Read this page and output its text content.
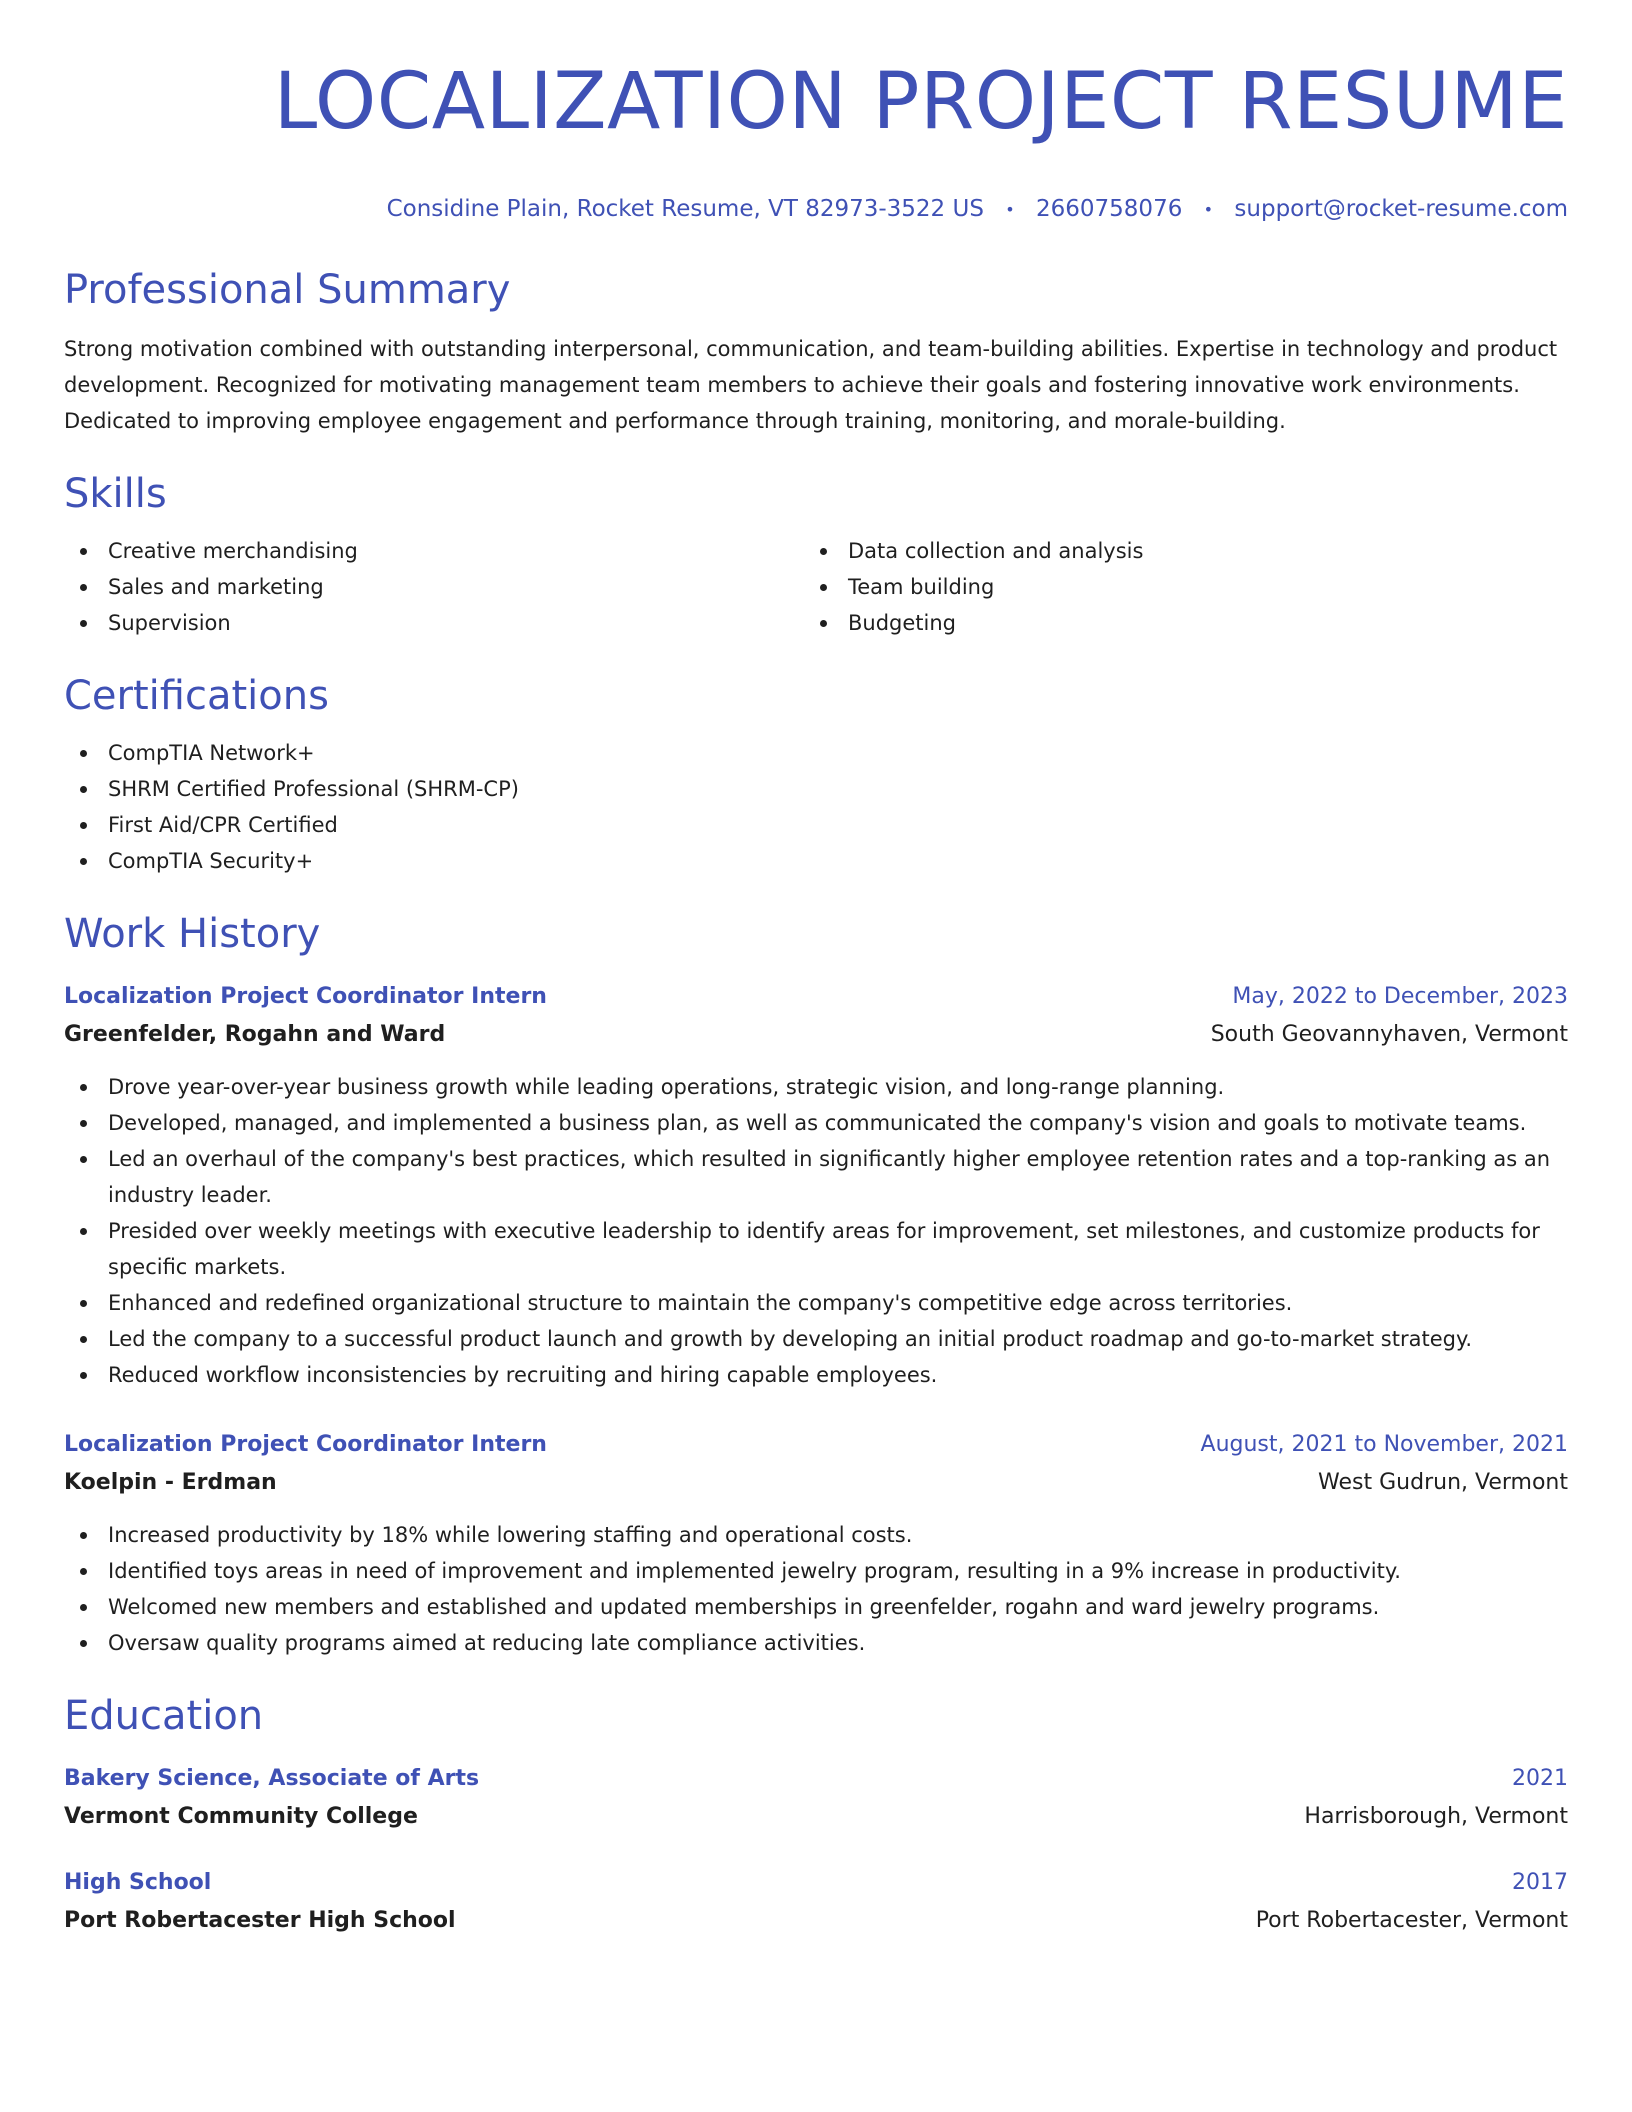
LOCALIZATION PROJECT RESUME
Considine Plain, Rocket Resume, VT 82973-3522 US • 2660758076 • support@rocket-resume.com
Professional Summary
Strong motivation combined with outstanding interpersonal, communication, and team-building abilities. Expertise in technology and product development. Recognized for motivating management team members to achieve their goals and fostering innovative work environments. Dedicated to improving employee engagement and performance through training, monitoring, and morale-building.
Skills
Creative merchandising
Sales and marketing
Supervision
Data collection and analysis
Team building
Budgeting
Certifications
CompTIA Network+
SHRM Certified Professional (SHRM-CP)
First Aid/CPR Certified
CompTIA Security+
Work History
Localization Project Coordinator Intern	May, 2022 to December, 2023
Greenfelder, Rogahn and Ward	South Geovannyhaven, Vermont
Drove year-over-year business growth while leading operations, strategic vision, and long-range planning.
Developed, managed, and implemented a business plan, as well as communicated the company's vision and goals to motivate teams.
Led an overhaul of the company's best practices, which resulted in significantly higher employee retention rates and a top-ranking as an industry leader.
Presided over weekly meetings with executive leadership to identify areas for improvement, set milestones, and customize products for specific markets.
Enhanced and redefined organizational structure to maintain the company's competitive edge across territories.
Led the company to a successful product launch and growth by developing an initial product roadmap and go-to-market strategy.
Reduced workflow inconsistencies by recruiting and hiring capable employees.
Localization Project Coordinator Intern	August, 2021 to November, 2021
Koelpin - Erdman	West Gudrun, Vermont
Increased productivity by 18% while lowering staffing and operational costs.
Identified toys areas in need of improvement and implemented jewelry program, resulting in a 9% increase in productivity.
Welcomed new members and established and updated memberships in greenfelder, rogahn and ward jewelry programs.
Oversaw quality programs aimed at reducing late compliance activities.
Education
Bakery Science, Associate of Arts	2021
Vermont Community College	Harrisborough, Vermont
High School	2017
Port Robertacester High School	Port Robertacester, Vermont
